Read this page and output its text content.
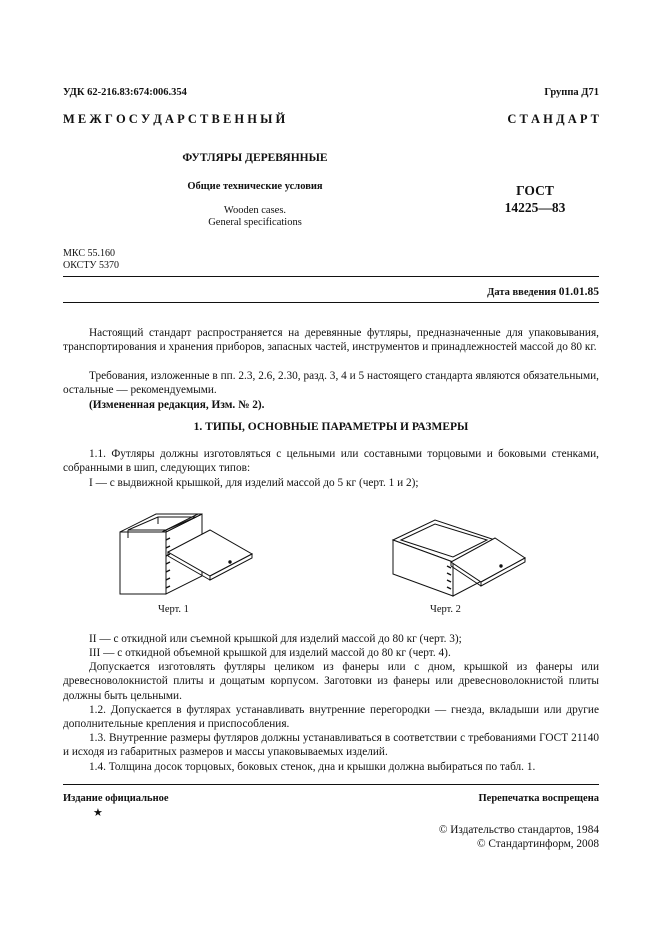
УДК 62-216.83:674:006.354	Группа Д71
М Е Ж Г О С У Д А Р С Т В Е Н Н Ы Й	С Т А Н Д А Р Т
ФУТЛЯРЫ ДЕРЕВЯННЫЕ
Общие технические условия
Wooden cases.
General specifications
ГОСТ
14225—83
МКС 55.160
ОКСТУ 5370
Дата введения 01.01.85
Настоящий стандарт распространяется на деревянные футляры, предназначенные для упаковывания, транспортирования и хранения приборов, запасных частей, инструментов и принадлежностей массой до 80 кг.
Требования, изложенные в пп. 2.3, 2.6, 2.30, разд. 3, 4 и 5 настоящего стандарта являются обязательными, остальные — рекомендуемыми.
(Измененная редакция, Изм. № 2).
1. ТИПЫ, ОСНОВНЫЕ ПАРАМЕТРЫ И РАЗМЕРЫ
1.1. Футляры должны изготовляться с цельными или составными торцовыми и боковыми стенками, собранными в шип, следующих типов:
I — с выдвижной крышкой, для изделий массой до 5 кг (черт. 1 и 2);
Черт. 1	Черт. 2
II — с откидной или съемной крышкой для изделий массой до 80 кг (черт. 3);
III — с откидной объемной крышкой для изделий массой до 80 кг (черт. 4).
Допускается изготовлять футляры целиком из фанеры или с дном, крышкой из фанеры или древесноволокнистой плиты и дощатым корпусом. Заготовки из фанеры или древесноволокнистой плиты должны быть цельными.
1.2. Допускается в футлярах устанавливать внутренние перегородки — гнезда, вкладыши или другие дополнительные крепления и приспособления.
1.3. Внутренние размеры футляров должны устанавливаться в соответствии с требованиями ГОСТ 21140 и исходя из габаритных размеров и массы упаковываемых изделий.
1.4. Толщина досок торцовых, боковых стенок, дна и крышки должна выбираться по табл. 1.
Издание официальное
★
Перепечатка воспрещена
© Издательство стандартов, 1984
© Стандартинформ, 2008
